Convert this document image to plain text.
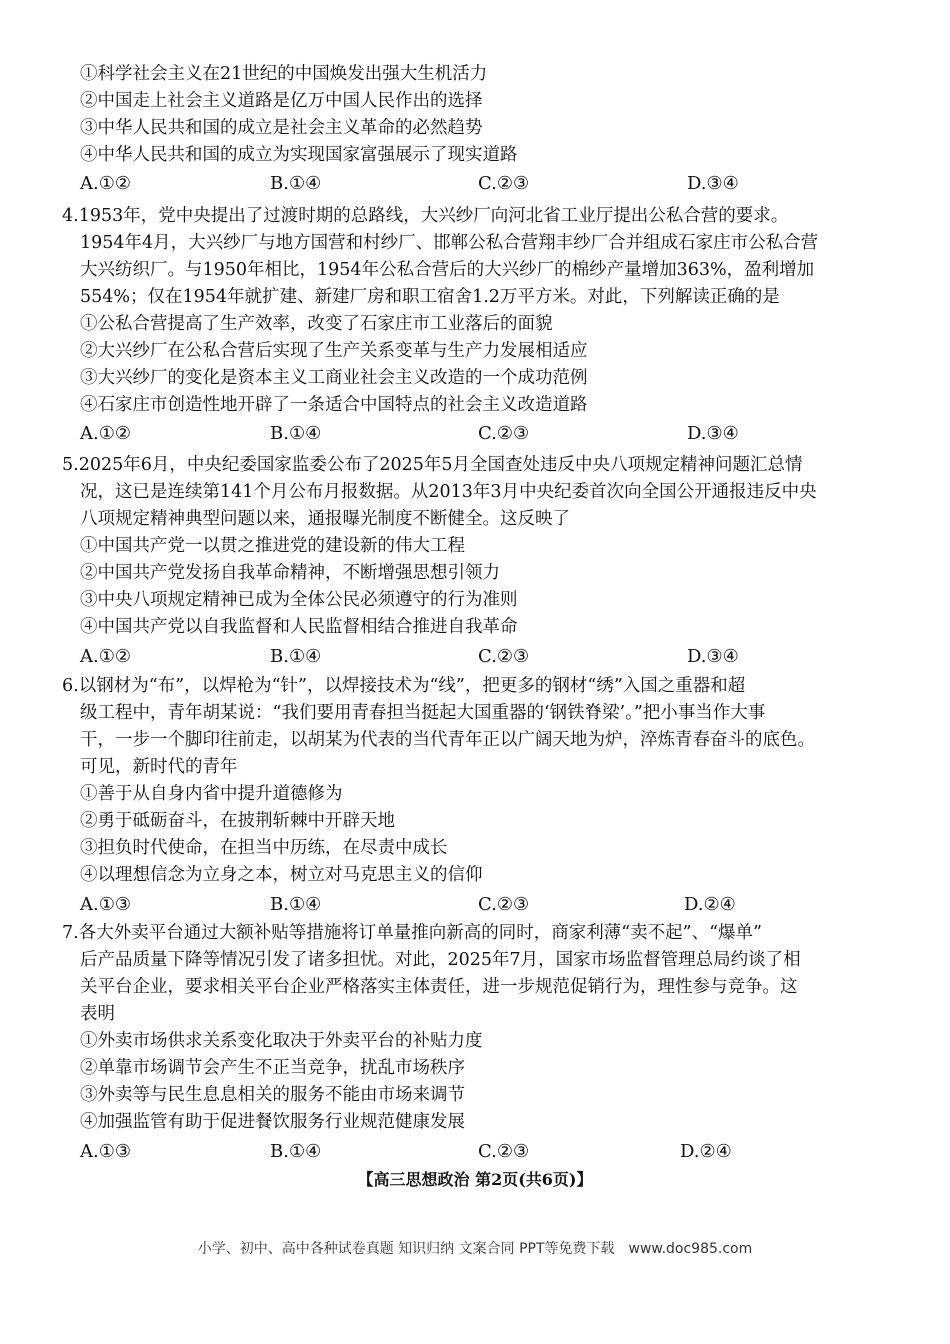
①科学社会主义在21世纪的中国焕发出强大生机活力
②中国走上社会主义道路是亿万中国人民作出的选择
③中华人民共和国的成立是社会主义革命的必然趋势
④中华人民共和国的成立为实现国家富强展示了现实道路
A.①②	B.①④	C.②③	D.③④
4.1953年，党中央提出了过渡时期的总路线，大兴纱厂向河北省工业厅提出公私合营的要求。
1954年4月，大兴纱厂与地方国营和村纱厂、邯郸公私合营翔丰纱厂合并组成石家庄市公私合营
大兴纺织厂。与1950年相比，1954年公私合营后的大兴纱厂的棉纱产量增加363%，盈利增加
554%；仅在1954年就扩建、新建厂房和职工宿舍1.2万平方米。对此，下列解读正确的是
①公私合营提高了生产效率，改变了石家庄市工业落后的面貌
②大兴纱厂在公私合营后实现了生产关系变革与生产力发展相适应
③大兴纱厂的变化是资本主义工商业社会主义改造的一个成功范例
④石家庄市创造性地开辟了一条适合中国特点的社会主义改造道路
A.①②	B.①④	C.②③	D.③④
5.2025年6月，中央纪委国家监委公布了2025年5月全国查处违反中央八项规定精神问题汇总情
况，这已是连续第141个月公布月报数据。从2013年3月中央纪委首次向全国公开通报违反中央
八项规定精神典型问题以来，通报曝光制度不断健全。这反映了
①中国共产党一以贯之推进党的建设新的伟大工程
②中国共产党发扬自我革命精神，不断增强思想引领力
③中央八项规定精神已成为全体公民必须遵守的行为准则
④中国共产党以自我监督和人民监督相结合推进自我革命
A.①②	B.①④	C.②③	D.③④
6.以钢材为“布”，以焊枪为“针”，以焊接技术为“线”，把更多的钢材“绣”入国之重器和超
级工程中，青年胡某说：“我们要用青春担当挺起大国重器的‘钢铁脊梁’。”把小事当作大事
干，一步一个脚印往前走，以胡某为代表的当代青年正以广阔天地为炉，淬炼青春奋斗的底色。
可见，新时代的青年
①善于从自身内省中提升道德修为
②勇于砥砺奋斗，在披荆斩棘中开辟天地
③担负时代使命，在担当中历练，在尽责中成长
④以理想信念为立身之本，树立对马克思主义的信仰
A.①③	B.①④	C.②③	D.②④
7.各大外卖平台通过大额补贴等措施将订单量推向新高的同时，商家利薄“卖不起”、“爆单”
后产品质量下降等情况引发了诸多担忧。对此，2025年7月，国家市场监督管理总局约谈了相
关平台企业，要求相关平台企业严格落实主体责任，进一步规范促销行为，理性参与竞争。这
表明
①外卖市场供求关系变化取决于外卖平台的补贴力度
②单靠市场调节会产生不正当竞争，扰乱市场秩序
③外卖等与民生息息相关的服务不能由市场来调节
④加强监管有助于促进餐饮服务行业规范健康发展
A.①③	B.①④	C.②③	D.②④
【高三思想政治 第2页(共6页)】
小学、初中、高中各种试卷真题 知识归纳 文案合同 PPT等免费下载　www.doc985.com
